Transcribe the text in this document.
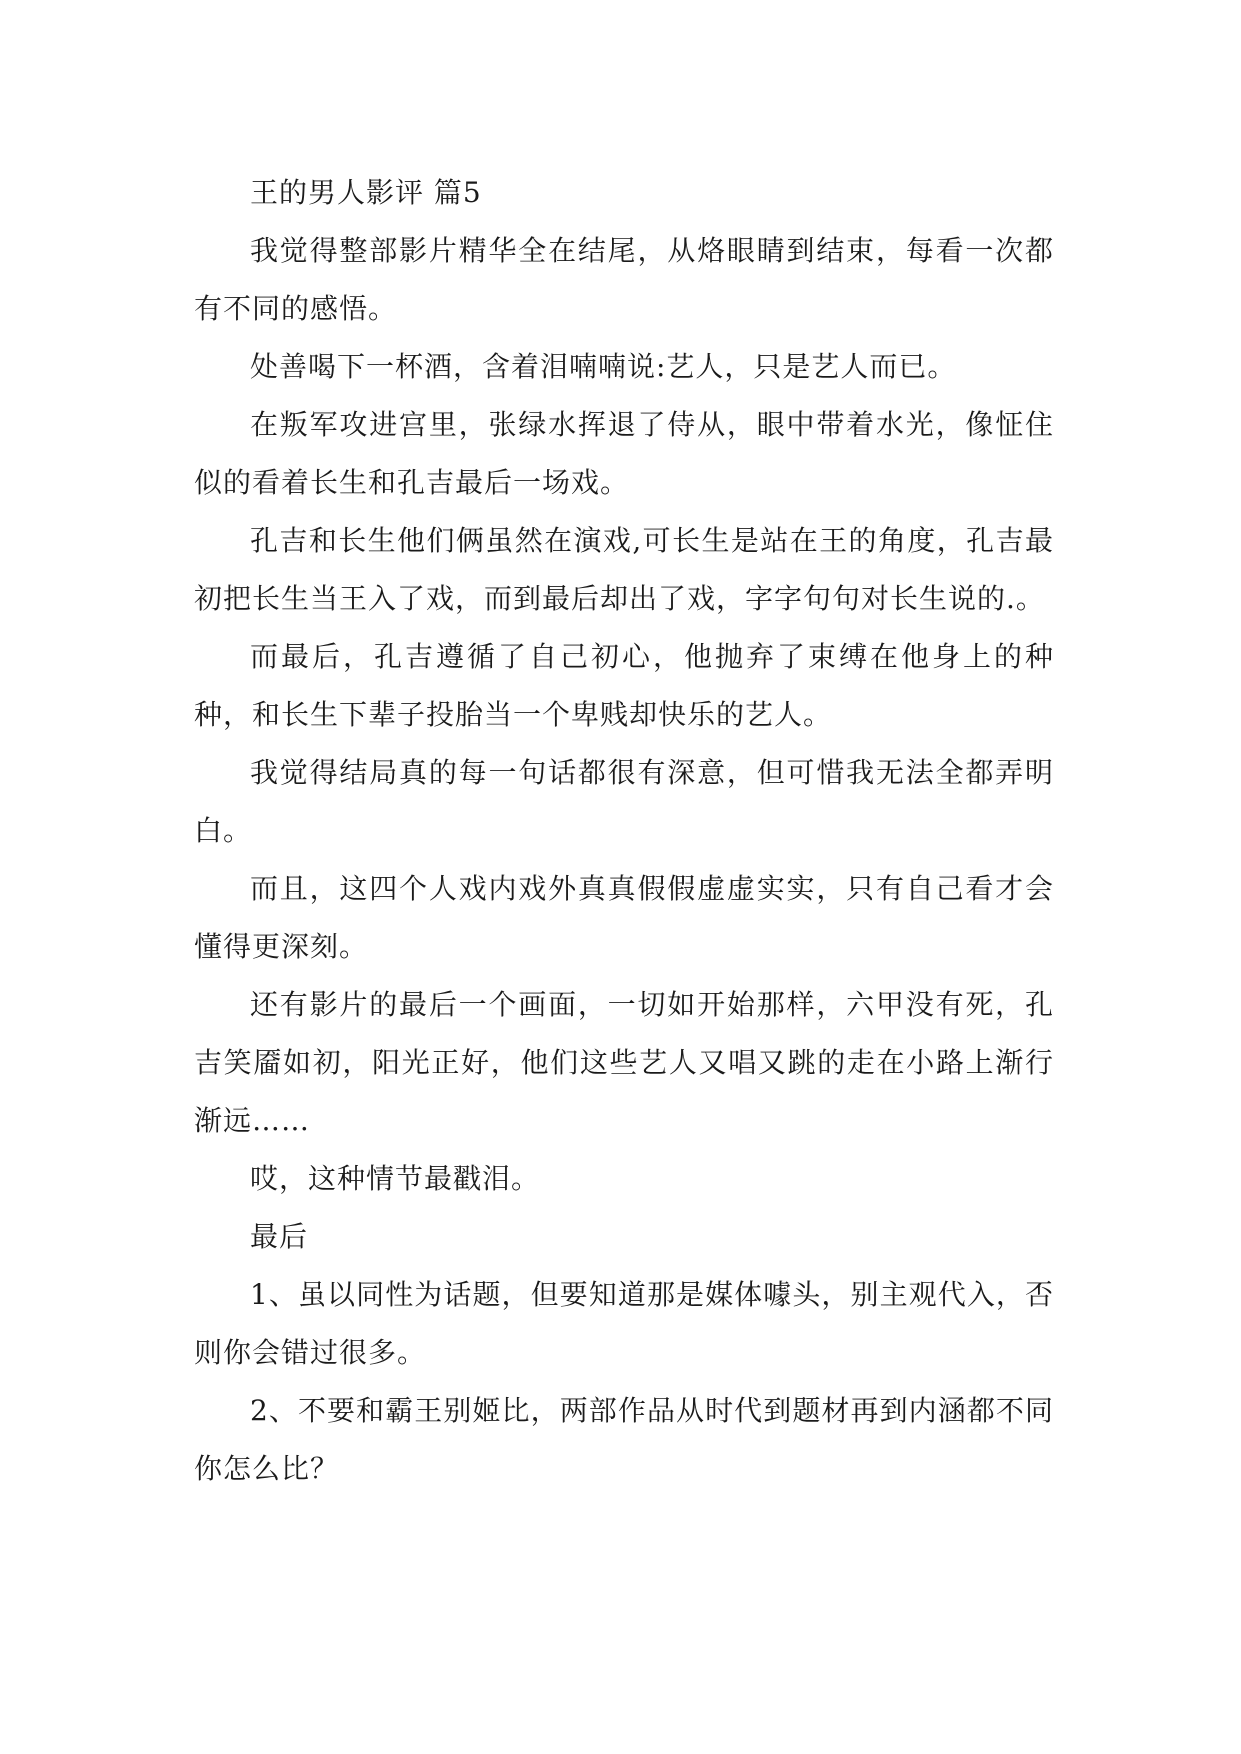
王的男人影评 篇5

我觉得整部影片精华全在结尾，从烙眼睛到结束，每看一次都有不同的感悟。

处善喝下一杯酒，含着泪喃喃说:艺人，只是艺人而已。

在叛军攻进宫里，张绿水挥退了侍从，眼中带着水光，像怔住似的看着长生和孔吉最后一场戏。

孔吉和长生他们俩虽然在演戏,可长生是站在王的角度，孔吉最初把长生当王入了戏，而到最后却出了戏，字字句句对长生说的.。

而最后，孔吉遵循了自己初心，他抛弃了束缚在他身上的种种，和长生下辈子投胎当一个卑贱却快乐的艺人。

我觉得结局真的每一句话都很有深意，但可惜我无法全都弄明白。

而且，这四个人戏内戏外真真假假虚虚实实，只有自己看才会懂得更深刻。

还有影片的最后一个画面，一切如开始那样，六甲没有死，孔吉笑靥如初，阳光正好，他们这些艺人又唱又跳的走在小路上渐行渐远……

哎，这种情节最戳泪。

最后

1、虽以同性为话题，但要知道那是媒体噱头，别主观代入，否则你会错过很多。

2、不要和霸王别姬比，两部作品从时代到题材再到内涵都不同你怎么比？
